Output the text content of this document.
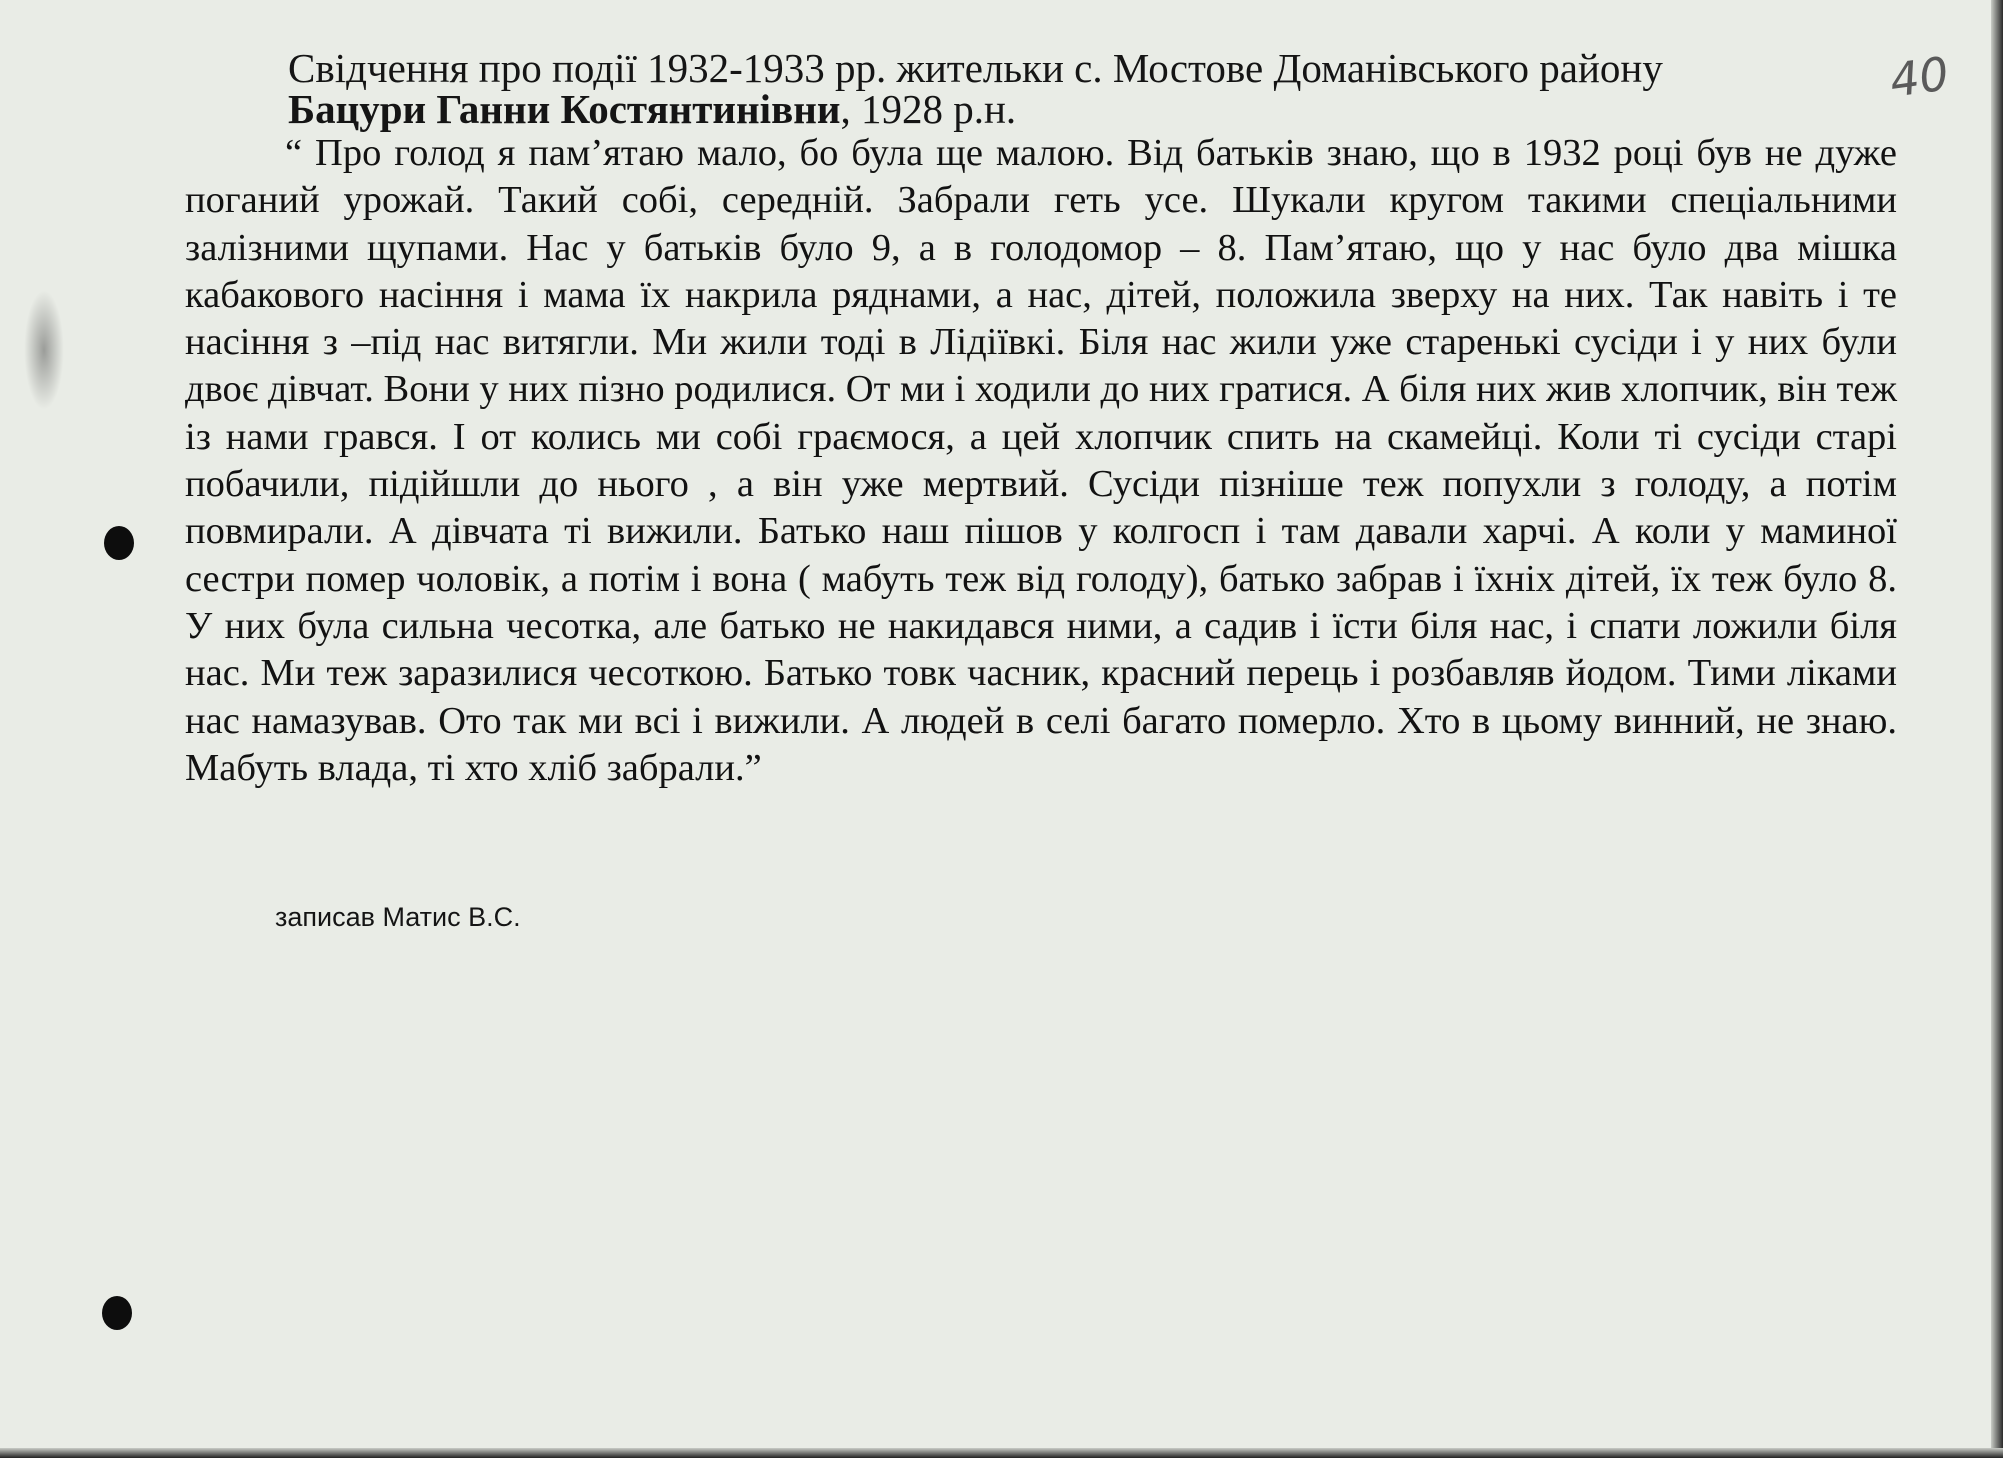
Свідчення про події 1932-1933 рр. жительки с. Мостове Доманівського району
Бацури Ганни Костянтинівни, 1928 р.н.
40

“ Про голод я пам’ятаю мало, бо була ще малою. Від батьків знаю, що в 1932 році був не дуже поганий урожай. Такий собі, середній. Забрали геть усе. Шукали кругом такими спеціальними залізними щупами. Нас у батьків було 9, а в голодомор – 8. Пам’ятаю, що у нас було два мішка кабакового насіння і мама їх накрила ряднами, а нас, дітей, положила зверху на них. Так навіть і те насіння з –під нас витягли. Ми жили тоді в Лідіївкі. Біля нас жили уже старенькі сусіди і у них були двоє дівчат. Вони у них пізно родилися. От ми і ходили до них гратися. А біля них жив хлопчик, він теж із нами грався. І от колись ми собі граємося, а цей хлопчик спить на скамейці. Коли ті сусіди старі побачили, підійшли до нього , а він уже мертвий. Сусіди пізніше теж попухли з голоду, а потім повмирали. А дівчата ті вижили. Батько наш пішов у колгосп і там давали харчі. А коли у маминої сестри помер чоловік, а потім і вона ( мабуть теж від голоду), батько забрав і їхніх дітей, їх теж було 8. У них була сильна чесотка, але батько не накидався ними, а садив і їсти біля нас, і спати ложили біля нас. Ми теж заразилися чесоткою. Батько товк часник, красний перець і розбавляв йодом. Тими ліками нас намазував. Ото так ми всі і вижили. А людей в селі багато померло. Хто в цьому винний, не знаю. Мабуть влада, ті хто хліб забрали.”

записав Матис В.С.
